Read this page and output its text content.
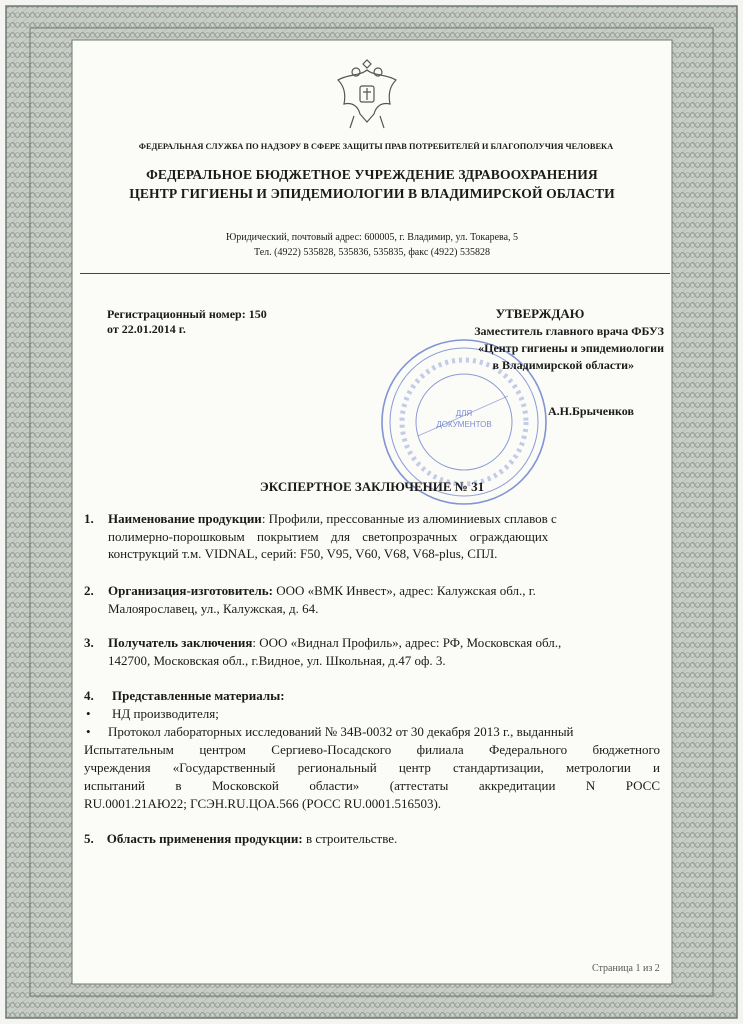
ФЕДЕРАЛЬНАЯ СЛУЖБА ПО НАДЗОРУ В СФЕРЕ ЗАЩИТЫ ПРАВ ПОТРЕБИТЕЛЕЙ И БЛАГОПОЛУЧИЯ ЧЕЛОВЕКА
ФЕДЕРАЛЬНОЕ БЮДЖЕТНОЕ УЧРЕЖДЕНИЕ ЗДРАВООХРАНЕНИЯ
ЦЕНТР ГИГИЕНЫ И ЭПИДЕМИОЛОГИИ В ВЛАДИМИРСКОЙ ОБЛАСТИ
Юридический, почтовый адрес: 600005, г. Владимир, ул. Токарева, 5
Тел. (4922) 535828, 535836, 535835, факс (4922) 535828
Регистрационный номер: 150
от 22.01.2014 г.
ДЛЯ
ДОКУМЕНТОВ
УТВЕРЖДАЮ
Заместитель главного врача ФБУЗ
«Центр гигиены и эпидемиологии
в Владимирской области»
А.Н.Брыченков
ЭКСПЕРТНОЕ ЗАКЛЮЧЕНИЕ № 31
1. Наименование продукции: Профили, прессованные из алюминиевых сплавов с
полимерно-порошковым покрытием для светопрозрачных ограждающих
конструкций т.м. VIDNAL, серий: F50, V95, V60, V68, V68-plus, СПЛ.
2. Организация-изготовитель: ООО «ВМК Инвест», адрес: Калужская обл., г.
Малоярославец, ул., Калужская, д. 64.
3. Получатель заключения: ООО «Виднал Профиль», адрес: РФ, Московская обл.,
142700, Московская обл., г.Видное, ул. Школьная, д.47 оф. 3.
4. Представленные материалы:
• НД производителя;
• Протокол лабораторных исследований № 34В-0032 от 30 декабря 2013 г., выданный
Испытательным центром Сергиево-Посадского филиала Федерального бюджетного
учреждения «Государственный региональный центр стандартизации, метрологии и
испытаний в Московской области» (аттестаты аккредитации N РОСС
RU.0001.21АЮ22; ГСЭН.RU.ЦОА.566 (РОСС RU.0001.516503).
5. Область применения продукции: в строительстве.
Страница 1 из 2
